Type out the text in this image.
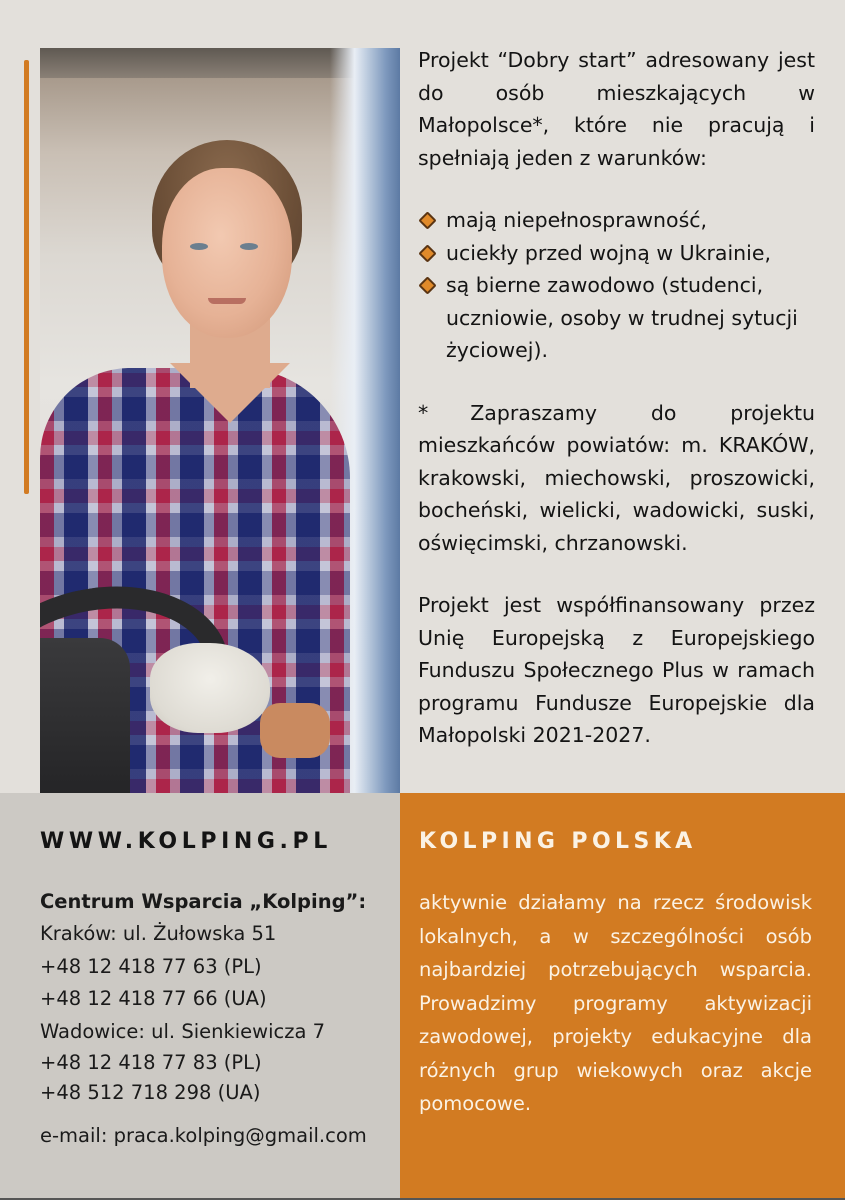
Projekt “Dobry start” adresowany jest do osób mieszkających w Małopolsce*, które nie pracują i spełniają jeden z warunków:

mają niepełnosprawność,
uciekły przed wojną w Ukrainie,
są bierne zawodowo (studenci, uczniowie, osoby w trudnej sytucji życiowej).

* Zapraszamy do projektu mieszkańców powiatów: m. KRAKÓW, krakowski, miechowski, proszowicki, bocheński, wielicki, wadowicki, suski, oświęcimski, chrzanowski.

Projekt jest współfinansowany przez Unię Europejską z Europejskiego Funduszu Społecznego Plus w ramach programu Fundusze Europejskie dla Małopolski 2021-2027.

WWW.KOLPING.PL
Centrum Wsparcia „Kolping”:
Kraków: ul. Żułowska 51
+48 12 418 77 63 (PL)
+48 12 418 77 66 (UA)
Wadowice: ul. Sienkiewicza 7
+48 12 418 77 83 (PL)
+48 512 718 298 (UA)
e-mail: praca.kolping@gmail.com
KOLPING POLSKA

aktywnie działamy na rzecz środowisk lokalnych, a w szczególności osób najbardziej potrzebujących wsparcia. Prowadzimy programy aktywizacji zawodowej, projekty edukacyjne dla różnych grup wiekowych oraz akcje pomocowe.
